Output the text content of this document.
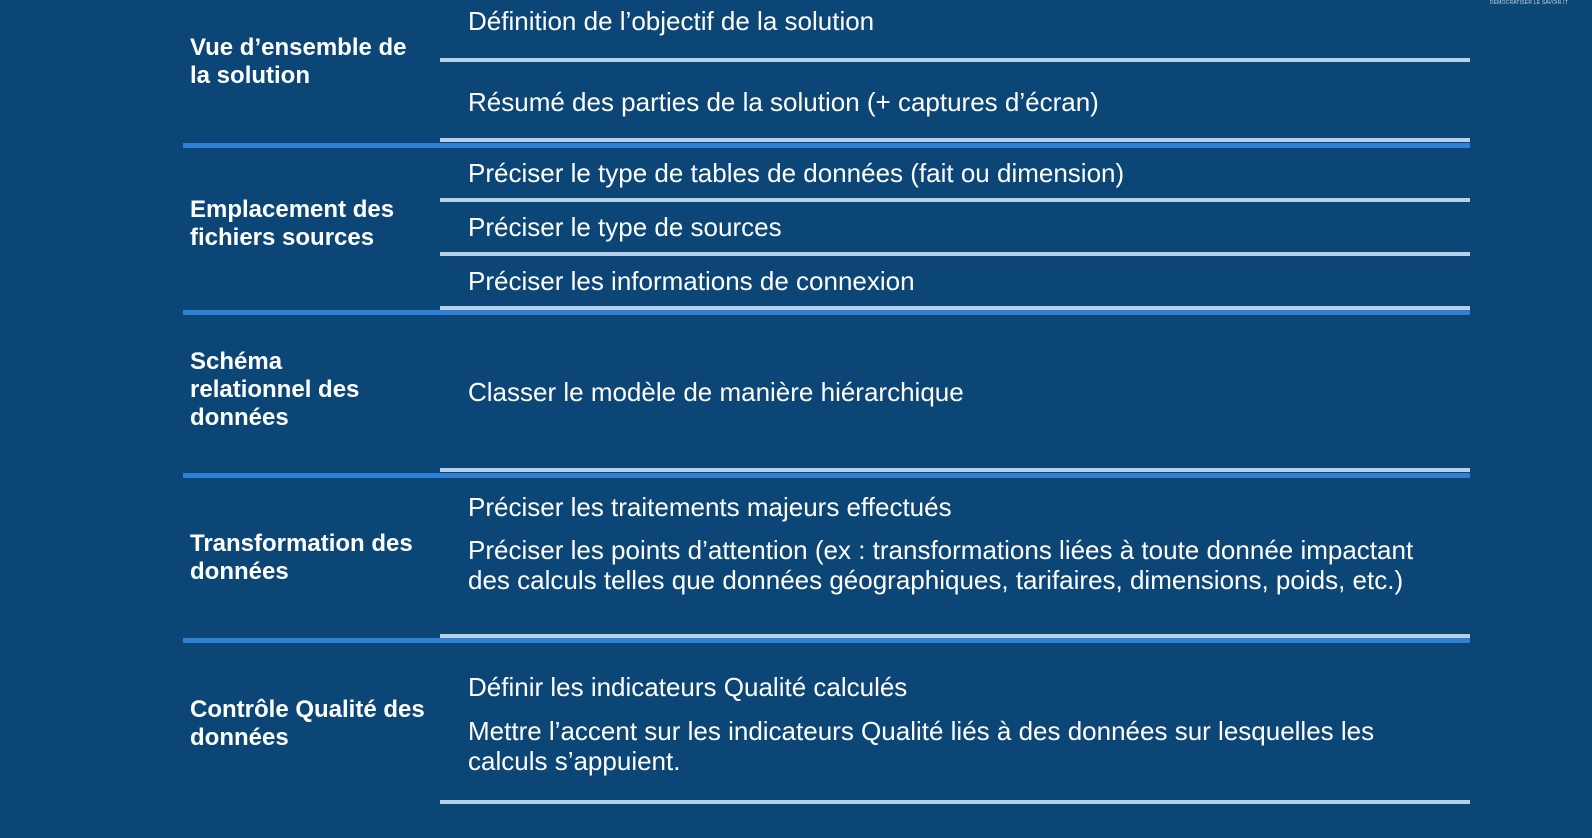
DÉMOCRATISER LE SAVOIR IT
Vue d’ensemble de la solution
Définition de l’objectif de la solution
Résumé des parties de la solution (+ captures d’écran)
Emplacement des fichiers sources
Préciser le type de tables de données (fait ou dimension)
Préciser le type de sources
Préciser les informations de connexion
Schéma relationnel des données
Classer le modèle de manière hiérarchique
Transformation des données
Préciser les traitements majeurs effectués
Préciser les points d’attention (ex : transformations liées à toute donnée impactant des calculs telles que données géographiques, tarifaires, dimensions, poids, etc.)
Contrôle Qualité des données
Définir les indicateurs Qualité calculés
Mettre l’accent sur les indicateurs Qualité liés à des données sur lesquelles les calculs s’appuient.
